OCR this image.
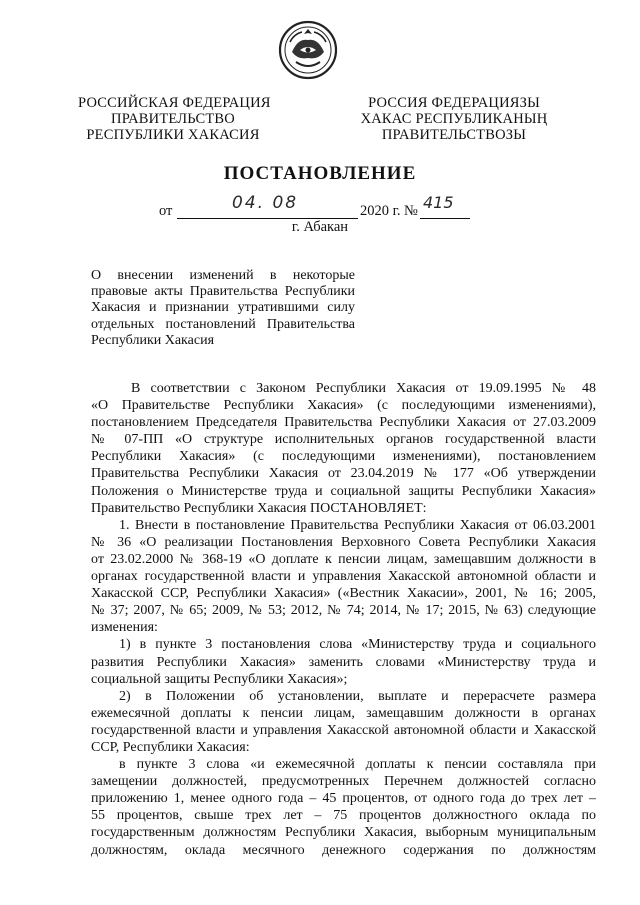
РОССИЙСКАЯ ФЕДЕРАЦИЯ
ПРАВИТЕЛЬСТВО
РЕСПУБЛИКИ ХАКАСИЯ
РОССИЯ ФЕДЕРАЦИЯЗЫ
ХАКАС РЕСПУБЛИКАНЫҢ
ПРАВИТЕЛЬСТВОЗЫ
ПОСТАНОВЛЕНИЕ
от	04. 08	2020 г. № 415
г. Абакан
О внесении изменений в некоторые
правовые акты Правительства Республики
Хакасия и признании утратившими силу
отдельных постановлений Правительства
Республики Хакасия
В соответствии с Законом Республики Хакасия от 19.09.1995 № 48
«О Правительстве Республики Хакасия» (с последующими изменениями),
постановлением Председателя Правительства Республики Хакасия от 27.03.2009
№ 07-ПП «О структуре исполнительных органов государственной власти
Республики Хакасия» (с последующими изменениями), постановлением
Правительства Республики Хакасия от 23.04.2019 № 177 «Об утверждении
Положения о Министерстве труда и социальной защиты Республики Хакасия»
Правительство Республики Хакасия ПОСТАНОВЛЯЕТ:
1. Внести в постановление Правительства Республики Хакасия от 06.03.2001
№ 36 «О реализации Постановления Верховного Совета Республики Хакасия
от 23.02.2000 № 368-19 «О доплате к пенсии лицам, замещавшим должности в
органах государственной власти и управления Хакасской автономной области и
Хакасской ССР, Республики Хакасия» («Вестник Хакасии», 2001, № 16; 2005,
№ 37; 2007, № 65; 2009, № 53; 2012, № 74; 2014, № 17; 2015, № 63) следующие
изменения:
1) в пункте 3 постановления слова «Министерству труда и социального
развития Республики Хакасия» заменить словами «Министерству труда и
социальной защиты Республики Хакасия»;
2) в Положении об установлении, выплате и перерасчете размера
ежемесячной доплаты к пенсии лицам, замещавшим должности в органах
государственной власти и управления Хакасской автономной области и Хакасской
ССР, Республики Хакасия:
в пункте 3 слова «и ежемесячной доплаты к пенсии составляла при
замещении должностей, предусмотренных Перечнем должностей согласно
приложению 1, менее одного года – 45 процентов, от одного года до трех лет –
55 процентов, свыше трех лет – 75 процентов должностного оклада по
государственным должностям Республики Хакасия, выборным муниципальным
должностям, оклада месячного денежного содержания по должностям
